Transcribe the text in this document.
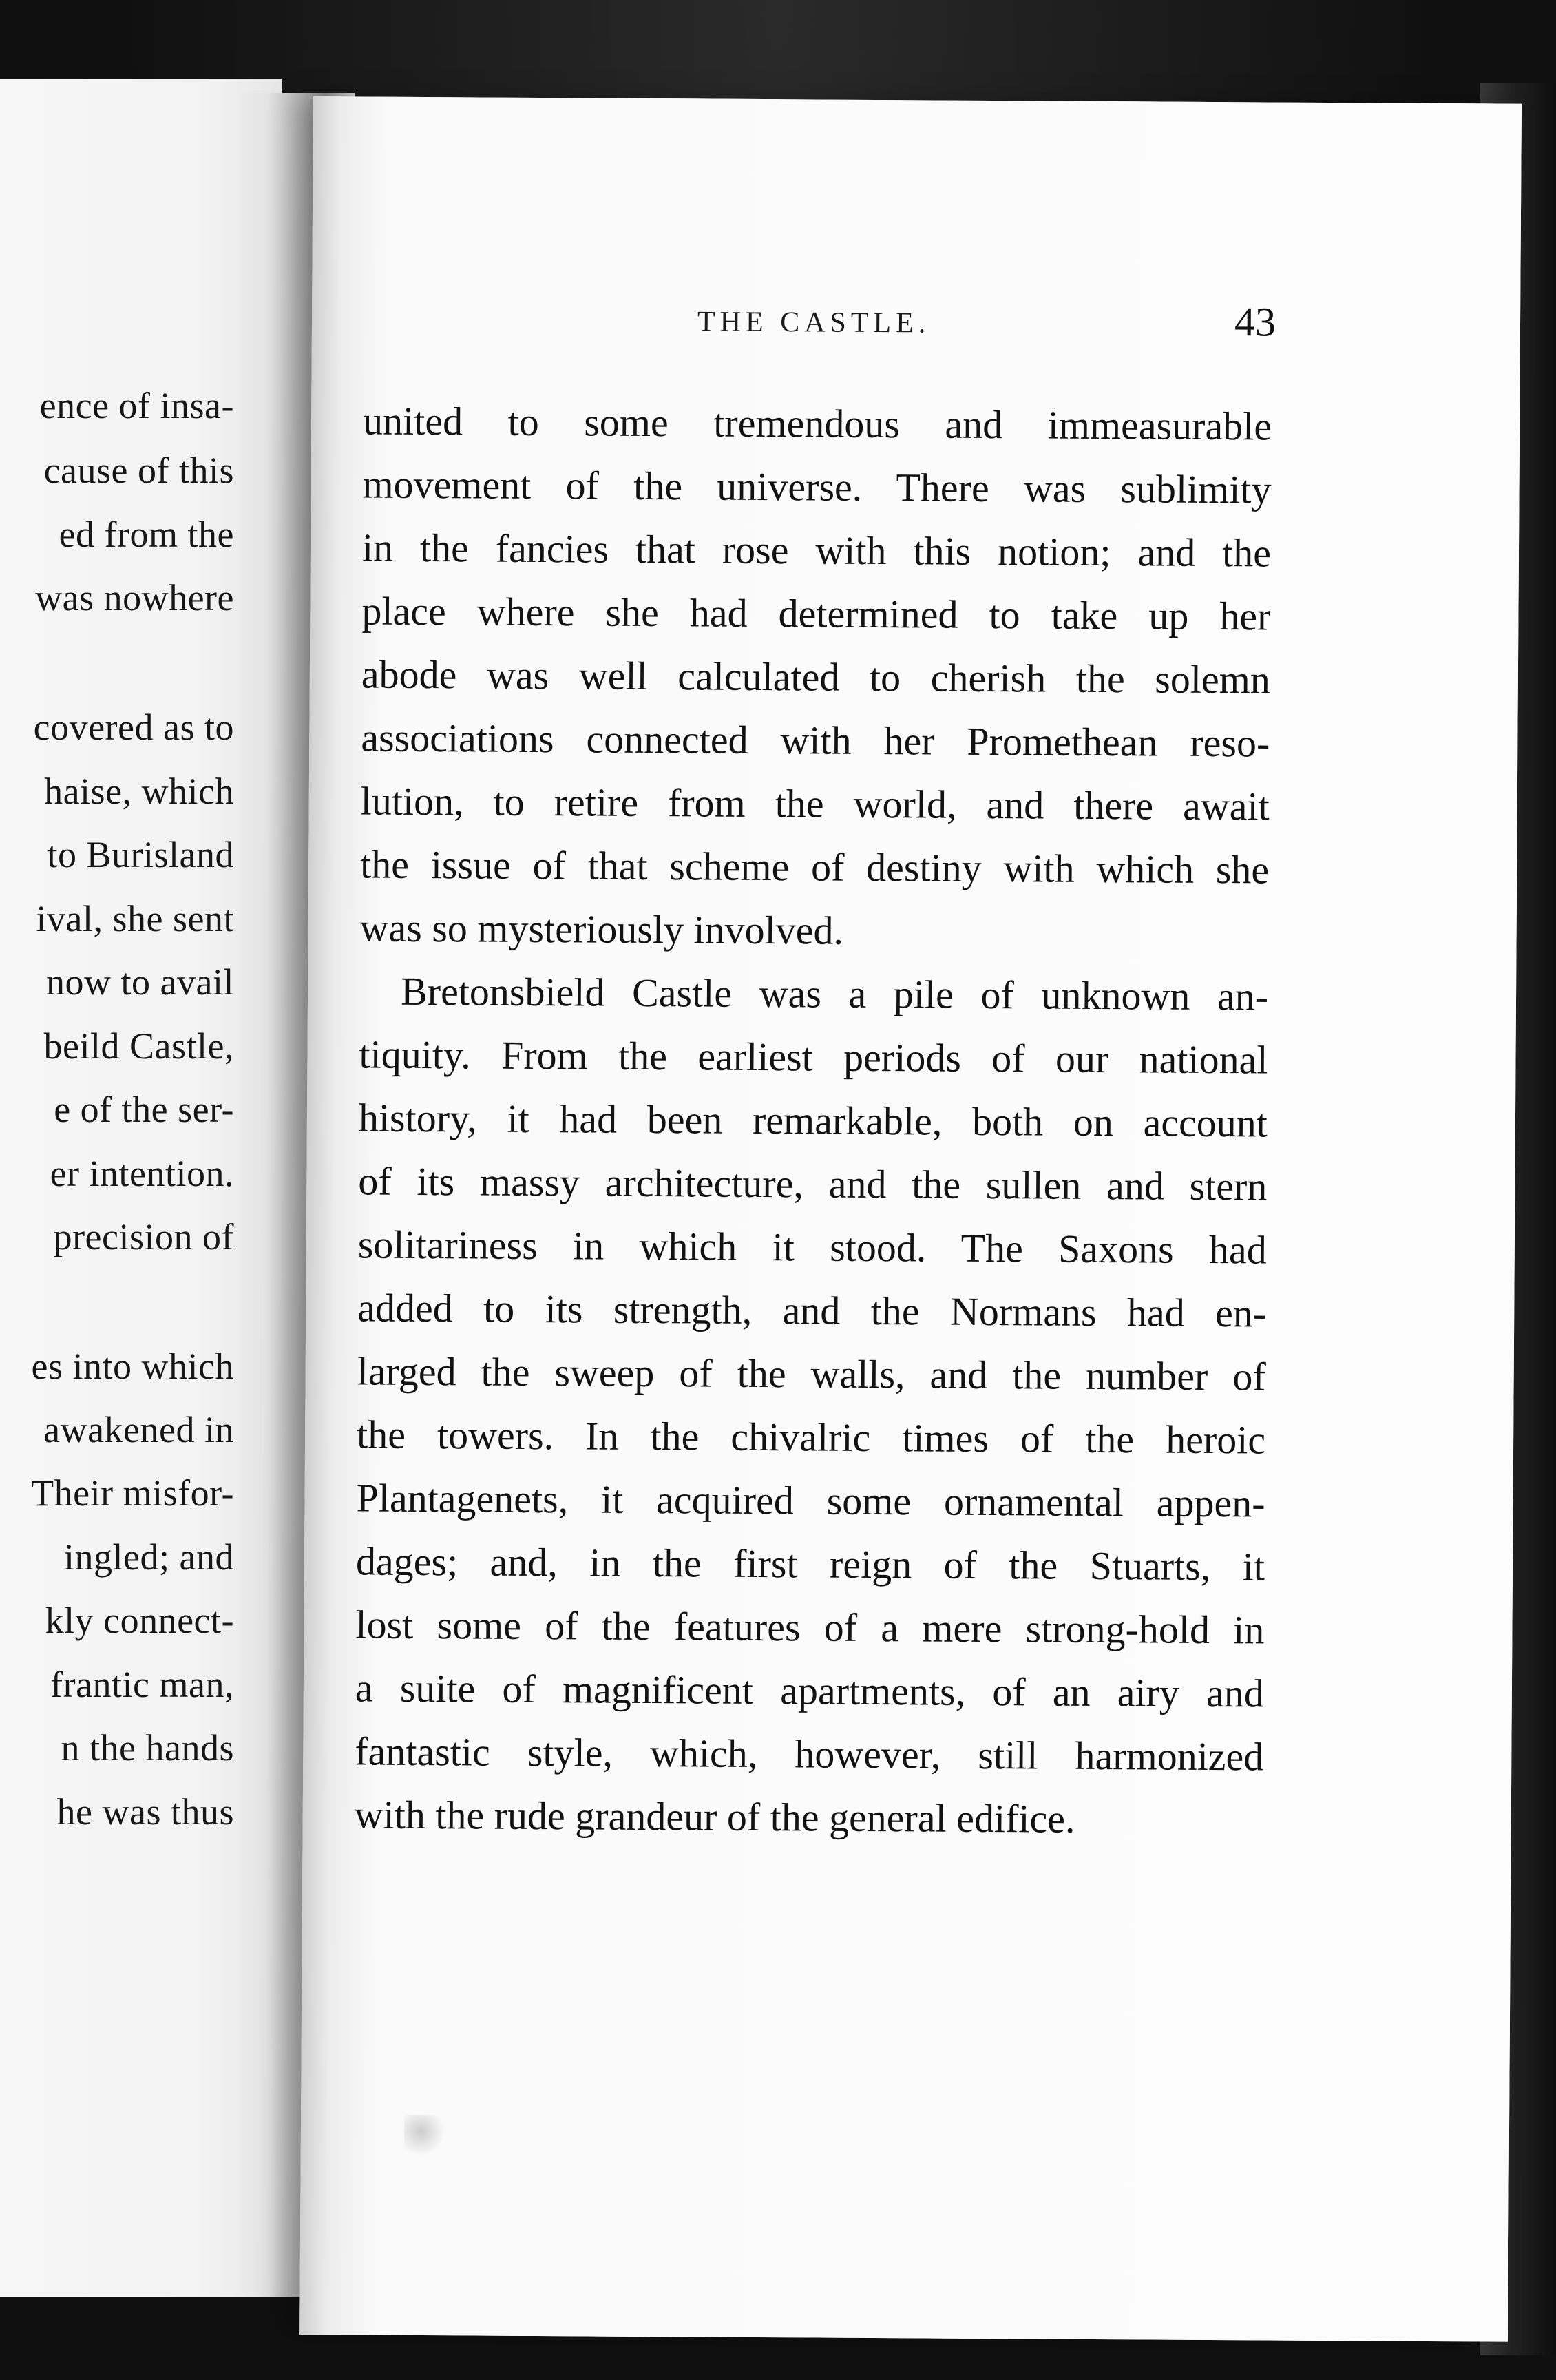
ence of insa-
cause of this
ed from the
was nowhere
covered as to
haise, which
to Burisland
ival, she sent
now to avail
beild Castle,
e of the ser-
er intention.
precision of
es into which
awakened in
Their misfor-
ingled; and
kly connect-
frantic man,
n the hands
he was thus
THE CASTLE.	43
united to some tremendous and immeasurable
movement of the universe. There was sublimity
in the fancies that rose with this notion; and the
place where she had determined to take up her
abode was well calculated to cherish the solemn
associations connected with her Promethean reso-
lution, to retire from the world, and there await
the issue of that scheme of destiny with which she
was so mysteriously involved.
Bretonsbield Castle was a pile of unknown an-
tiquity. From the earliest periods of our national
history, it had been remarkable, both on account
of its massy architecture, and the sullen and stern
solitariness in which it stood. The Saxons had
added to its strength, and the Normans had en-
larged the sweep of the walls, and the number of
the towers. In the chivalric times of the heroic
Plantagenets, it acquired some ornamental appen-
dages; and, in the first reign of the Stuarts, it
lost some of the features of a mere strong-hold in
a suite of magnificent apartments, of an airy and
fantastic style, which, however, still harmonized
with the rude grandeur of the general edifice.
